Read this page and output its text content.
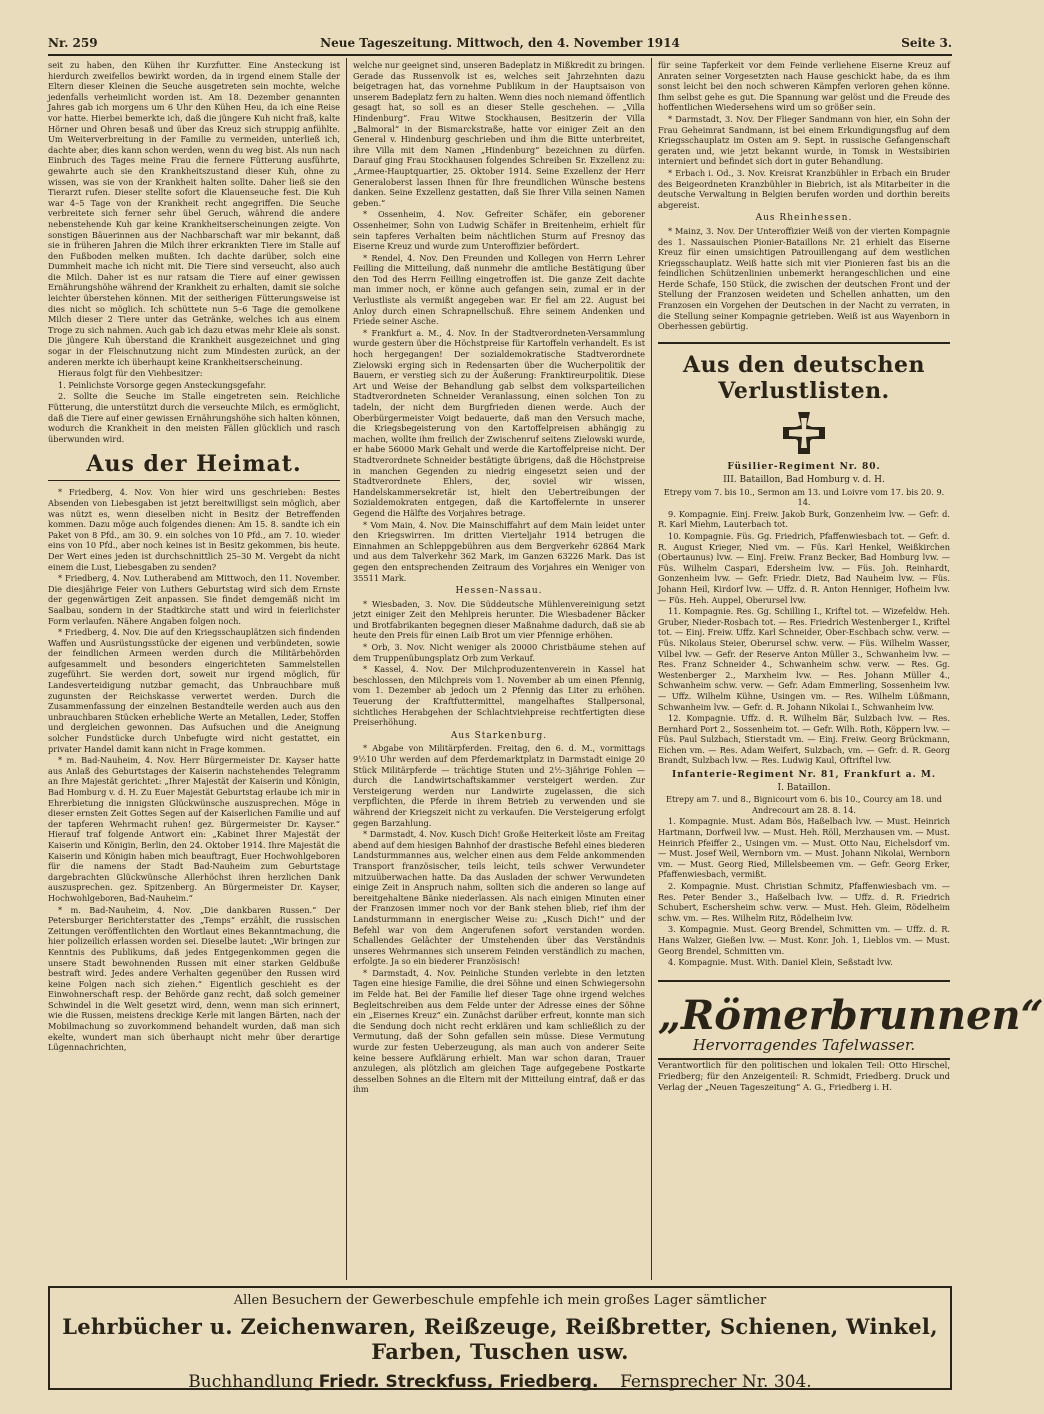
Nr. 259	Neue Tageszeitung. Mittwoch, den 4. November 1914	Seite 3.

seit zu haben, den Kühen ihr Kurzfutter. Eine Ansteckung ist hierdurch zweifellos bewirkt worden, da in irgend einem Stalle der Eltern dieser Kleinen die Seuche ausgetreten sein mochte, welche jedenfalls verheimlicht worden ist. Am 18. Dezember genannten Jahres gab ich morgens um 6 Uhr den Kühen Heu, da ich eine Reise vor hatte. Hierbei bemerkte ich, daß die jüngere Kuh nicht fraß, kalte Hörner und Ohren besaß und über das Kreuz sich struppig anfühlte. Um Weiterverbreitung in der Familie zu vermeiden, unterließ ich, dachte aber, dies kann schon werden, wenn du weg bist. Als nun nach Einbruch des Tages meine Frau die fernere Fütterung ausführte, gewahrte auch sie den Krankheitszustand dieser Kuh, ohne zu wissen, was sie von der Krankheit halten sollte. Daher ließ sie den Tierarzt rufen. Dieser stellte sofort die Klauenseuche fest. Die Kuh war 4–5 Tage von der Krankheit recht angegriffen. Die Seuche verbreitete sich ferner sehr übel Geruch, während die andere nebenstehende Kuh gar keine Krankheitserscheinungen zeigte. Von sonstigen Bäuerinnen aus der Nachbarschaft war mir bekannt, daß sie in früheren Jahren die Milch ihrer erkrankten Tiere im Stalle auf den Fußboden melken mußten. Ich dachte darüber, solch eine Dummheit mache ich nicht mit. Die Tiere sind verseucht, also auch die Milch. Daher ist es nur ratsam die Tiere auf einer gewissen Ernährungshöhe während der Krankheit zu erhalten, damit sie solche leichter überstehen können. Mit der seitherigen Fütterungsweise ist dies nicht so möglich. Ich schüttete nun 5–6 Tage die gemolkene Milch dieser 2 Tiere unter das Getränke, welches ich aus einem Troge zu sich nahmen. Auch gab ich dazu etwas mehr Kleie als sonst. Die jüngere Kuh überstand die Krankheit ausgezeichnet und ging sogar in der Fleischnutzung nicht zum Mindesten zurück, an der anderen merkte ich überhaupt keine Krankheitserscheinung.

Hieraus folgt für den Viehbesitzer:

1. Peinlichste Vorsorge gegen Ansteckungsgefahr.

2. Sollte die Seuche im Stalle eingetreten sein. Reichliche Fütterung, die unterstützt durch die verseuchte Milch, es ermöglicht, daß die Tiere auf einer gewissen Ernährungshöhe sich halten können, wodurch die Krankheit in den meisten Fällen glücklich und rasch überwunden wird.

Aus der Heimat.

* Friedberg, 4. Nov. Von hier wird uns geschrieben: Bestes Absenden von Liebesgaben ist jetzt bereitwilligst sein möglich, aber was nützt es, wenn dieselben nicht in Besitz der Betreffenden kommen. Dazu möge auch folgendes dienen: Am 15. 8. sandte ich ein Paket von 8 Pfd., am 30. 9. ein solches von 10 Pfd., am 7. 10. wieder eins von 10 Pfd., aber noch keines ist in Besitz gekommen, bis heute. Der Wert eines jeden ist durchschnittlich 25–30 M. Vergebt da nicht einem die Lust, Liebesgaben zu senden?

* Friedberg, 4. Nov. Lutherabend am Mittwoch, den 11. November. Die diesjährige Feier von Luthers Geburtstag wird sich dem Ernste der gegenwärtigen Zeit anpassen. Sie findet demgemäß nicht im Saalbau, sondern in der Stadtkirche statt und wird in feierlichster Form verlaufen. Nähere Angaben folgen noch.

* Friedberg, 4. Nov. Die auf den Kriegsschauplätzen sich findenden Waffen und Ausrüstungsstücke der eigenen und verbündeten, sowie der feindlichen Armeen werden durch die Militärbehörden aufgesammelt und besonders eingerichteten Sammelstellen zugeführt. Sie werden dort, soweit nur irgend möglich, für Landesverteidigung nutzbar gemacht, das Unbrauchbare muß zugunsten der Reichskasse verwertet werden. Durch die Zusammenfassung der einzelnen Bestandteile werden auch aus den unbrauchbaren Stücken erhebliche Werte an Metallen, Leder, Stoffen und dergleichen gewonnen. Das Aufsuchen und die Aneignung solcher Fundstücke durch Unbefugte wird nicht gestattet, ein privater Handel damit kann nicht in Frage kommen.

* m. Bad-Nauheim, 4. Nov. Herr Bürgermeister Dr. Kayser hatte aus Anlaß des Geburtstages der Kaiserin nachstehendes Telegramm an Ihre Majestät gerichtet: „Ihrer Majestät der Kaiserin und Königin, Bad Homburg v. d. H. Zu Euer Majestät Geburtstag erlaube ich mir in Ehrerbietung die innigsten Glückwünsche auszusprechen. Möge in dieser ernsten Zeit Gottes Segen auf der Kaiserlichen Familie und auf der tapferen Wehrmacht ruhen! gez. Bürgermeister Dr. Kayser.“ Hierauf traf folgende Antwort ein: „Kabinet Ihrer Majestät der Kaiserin und Königin, Berlin, den 24. Oktober 1914. Ihre Majestät die Kaiserin und Königin haben mich beauftragt, Euer Hochwohlgeboren für die namens der Stadt Bad-Nauheim zum Geburtstage dargebrachten Glückwünsche Allerhöchst ihren herzlichen Dank auszusprechen. gez. Spitzenberg. An Bürgermeister Dr. Kayser, Hochwohlgeboren, Bad-Nauheim.“

* m. Bad-Nauheim, 4. Nov. „Die dankbaren Russen.“ Der Petersburger Berichterstatter des „Temps“ erzählt, die russischen Zeitungen veröffentlichten den Wortlaut eines Bekanntmachung, die hier polizeilich erlassen worden sei. Dieselbe lautet: „Wir bringen zur Kenntnis des Publikums, daß jedes Entgegenkommen gegen die unsere Stadt bewohnenden Russen mit einer starken Geldbuße bestraft wird. Jedes andere Verhalten gegenüber den Russen wird keine Folgen nach sich ziehen.“ Eigentlich geschieht es der Einwohnerschaft resp. der Behörde ganz recht, daß solch gemeiner Schwindel in die Welt gesetzt wird, denn, wenn man sich erinnert, wie die Russen, meistens dreckige Kerle mit langen Bärten, nach der Mobilmachung so zuvorkommend behandelt wurden, daß man sich ekelte, wundert man sich überhaupt nicht mehr über derartige Lügennachrichten,

welche nur geeignet sind, unseren Badeplatz in Mißkredit zu bringen. Gerade das Russenvolk ist es, welches seit Jahrzehnten dazu beigetragen hat, das vornehme Publikum in der Hauptsaison von unserem Badeplatz fern zu halten. Wenn dies noch niemand öffentlich gesagt hat, so soll es an dieser Stelle geschehen. — „Villa Hindenburg“. Frau Witwe Stockhausen, Besitzerin der Villa „Balmoral“ in der Bismarckstraße, hatte vor einiger Zeit an den General v. Hindenburg geschrieben und ihm die Bitte unterbreitet, ihre Villa mit dem Namen „Hindenburg“ bezeichnen zu dürfen. Darauf ging Frau Stockhausen folgendes Schreiben Sr. Exzellenz zu: „Armee-Hauptquartier, 25. Oktober 1914. Seine Exzellenz der Herr Generaloberst lassen Ihnen für Ihre freundlichen Wünsche bestens danken. Seine Exzellenz gestatten, daß Sie Ihrer Villa seinen Namen geben.“

* Ossenheim, 4. Nov. Gefreiter Schäfer, ein geborener Ossenheimer, Sohn von Ludwig Schäfer in Breitenheim, erhielt für sein tapferes Verhalten beim nächtlichen Sturm auf Fresnoy das Eiserne Kreuz und wurde zum Unteroffizier befördert.

* Rendel, 4. Nov. Den Freunden und Kollegen von Herrn Lehrer Feilling die Mitteilung, daß nunmehr die amtliche Bestätigung über den Tod des Herrn Feilling eingetroffen ist. Die ganze Zeit dachte man immer noch, er könne auch gefangen sein, zumal er in der Verlustliste als vermißt angegeben war. Er fiel am 22. August bei Anloy durch einen Schrapnellschuß. Ehre seinem Andenken und Friede seiner Asche.

* Frankfurt a. M., 4. Nov. In der Stadtverordneten-Versammlung wurde gestern über die Höchstpreise für Kartoffeln verhandelt. Es ist hoch hergegangen! Der sozialdemokratische Stadtverordnete Zielowski erging sich in Redensarten über die Wucherpolitik der Bauern, er verstieg sich zu der Äußerung: Franktireurpolitik. Diese Art und Weise der Behandlung gab selbst dem volksparteilichen Stadtverordneten Schneider Veranlassung, einen solchen Ton zu tadeln, der nicht dem Burgfrieden dienen werde. Auch der Oberbürgermeister Voigt bedauerte, daß man den Versuch mache, die Kriegsbegeisterung von den Kartoffelpreisen abhängig zu machen, wollte ihm freilich der Zwischenruf seitens Zielowski wurde, er habe 56000 Mark Gehalt und werde die Kartoffelpreise nicht. Der Stadtverordnete Schneider bestätigte übrigens, daß die Höchstpreise in manchen Gegenden zu niedrig eingesetzt seien und der Stadtverordnete Ehlers, der, soviel wir wissen, Handelskammersekretär ist, hielt den Uebertreibungen der Sozialdemokraten entgegen, daß die Kartoffelernte in unserer Gegend die Hälfte des Vorjahres betrage.

* Vom Main, 4. Nov. Die Mainschiffahrt auf dem Main leidet unter den Kriegswirren. Im dritten Vierteljahr 1914 betrugen die Einnahmen an Schleppgebühren aus dem Bergverkehr 62864 Mark und aus dem Talverkehr 362 Mark, im Ganzen 63226 Mark. Das ist gegen den entsprechenden Zeitraum des Vorjahres ein Weniger von 35511 Mark.

Hessen-Nassau.

* Wiesbaden, 3. Nov. Die Süddeutsche Mühlenvereinigung setzt jetzt einiger Zeit den Mehlpreis herunter. Die Wiesbadener Bäcker und Brotfabrikanten begegnen dieser Maßnahme dadurch, daß sie ab heute den Preis für einen Laib Brot um vier Pfennige erhöhen.

* Orb, 3. Nov. Nicht weniger als 20000 Christbäume stehen auf dem Truppenübungsplatz Orb zum Verkauf.

* Kassel, 4. Nov. Der Milchproduzentenverein in Kassel hat beschlossen, den Milchpreis vom 1. November ab um einen Pfennig, vom 1. Dezember ab jedoch um 2 Pfennig das Liter zu erhöhen. Teuerung der Kraftfuttermittel, mangelhaftes Stallpersonal, sichtliches Herabgehen der Schlachtviehpreise rechtfertigten diese Preiserhöhung.

Aus Starkenburg.

* Abgabe von Militärpferden. Freitag, den 6. d. M., vormittags 9½10 Uhr werden auf dem Pferdemarktplatz in Darmstadt einige 20 Stück Militärpferde — trächtige Stuten und 2½-3jährige Fohlen — durch die Landwirtschaftskammer versteigert werden. Zur Versteigerung werden nur Landwirte zugelassen, die sich verpflichten, die Pferde in ihrem Betrieb zu verwenden und sie während der Kriegszeit nicht zu verkaufen. Die Versteigerung erfolgt gegen Barzahlung.

* Darmstadt, 4. Nov. Kusch Dich! Große Heiterkeit löste am Freitag abend auf dem hiesigen Bahnhof der drastische Befehl eines biederen Landsturmmannes aus, welcher einen aus dem Felde ankommenden Transport französischer, teils leicht, teils schwer Verwundeter mitzuüberwachen hatte. Da das Ausladen der schwer Verwundeten einige Zeit in Anspruch nahm, sollten sich die anderen so lange auf bereitgehaltene Bänke niederlassen. Als nach einigen Minuten einer der Franzosen immer noch vor der Bank stehen blieb, rief ihm der Landsturmmann in energischer Weise zu: „Kusch Dich!“ und der Befehl war von dem Angerufenen sofort verstanden worden. Schallendes Gelächter der Umstehenden über das Verständnis unseres Wehrmannes sich unserem Feinden verständlich zu machen, erfolgte. Ja so ein biederer Französisch!

* Darmstadt, 4. Nov. Peinliche Stunden verlebte in den letzten Tagen eine hiesige Familie, die drei Söhne und einen Schwiegersohn im Felde hat. Bei der Familie lief dieser Tage ohne irgend welches Begleitschreiben aus dem Felde unter der Adresse eines der Söhne ein „Eisernes Kreuz“ ein. Zunächst darüber erfreut, konnte man sich die Sendung doch nicht recht erklären und kam schließlich zu der Vermutung, daß der Sohn gefallen sein müsse. Diese Vermutung wurde zur festen Ueberzeugung, als man auch von anderer Seite keine bessere Aufklärung erhielt. Man war schon daran, Trauer anzulegen, als plötzlich am gleichen Tage aufgegebene Postkarte desselben Sohnes an die Eltern mit der Mitteilung eintraf, daß er das ihm

für seine Tapferkeit vor dem Feinde verliehene Eiserne Kreuz auf Anraten seiner Vorgesetzten nach Hause geschickt habe, da es ihm sonst leicht bei den noch schweren Kämpfen verloren gehen könne. Ihm selbst gehe es gut. Die Spannung war gelöst und die Freude des hoffentlichen Wiedersehens wird um so größer sein.

* Darmstadt, 3. Nov. Der Flieger Sandmann von hier, ein Sohn der Frau Geheimrat Sandmann, ist bei einem Erkundigungsflug auf dem Kriegsschauplatz im Osten am 9. Sept. in russische Gefangenschaft geraten und, wie jetzt bekannt wurde, in Tomsk in Westsibirien interniert und befindet sich dort in guter Behandlung.

* Erbach i. Od., 3. Nov. Kreisrat Kranzbühler in Erbach ein Bruder des Beigeordneten Kranzbühler in Biebrich, ist als Mitarbeiter in die deutsche Verwaltung in Belgien berufen worden und dorthin bereits abgereist.

Aus Rheinhessen.

* Mainz, 3. Nov. Der Unteroffizier Weiß von der vierten Kompagnie des 1. Nassauischen Pionier-Bataillons Nr. 21 erhielt das Eiserne Kreuz für einen umsichtigen Patrouillengang auf dem westlichen Kriegsschauplatz. Weiß hatte sich mit vier Pionieren fast bis an die feindlichen Schützenlinien unbemerkt herangeschlichen und eine Herde Schafe, 150 Stück, die zwischen der deutschen Front und der Stellung der Franzosen weideten und Schellen anhatten, um den Franzosen ein Vorgehen der Deutschen in der Nacht zu verraten, in die Stellung seiner Kompagnie getrieben. Weiß ist aus Wayenborn in Oberhessen gebürtig.

Aus den deutschen Verlustlisten.
Füsilier-Regiment Nr. 80.
III. Bataillon, Bad Homburg v. d. H.

Etrepy vom 7. bis 10., Sermon am 13. und Loivre vom 17. bis 20. 9. 14.

9. Kompagnie. Einj. Freiw. Jakob Burk, Gonzenheim lvw. — Gefr. d. R. Karl Miehm, Lauterbach tot.

10. Kompagnie. Füs. Gg. Friedrich, Pfaffenwiesbach tot. — Gefr. d. R. August Krieger, Nied vm. — Füs. Karl Henkel, Weißkirchen (Obertaunus) lvw. — Einj. Freiw. Franz Becker, Bad Homburg lvw. — Füs. Wilhelm Caspari, Edersheim lvw. — Füs. Joh. Reinhardt, Gonzenheim lvw. — Gefr. Friedr. Dietz, Bad Nauheim lvw. — Füs. Johann Heil, Kirdorf lvw. — Uffz. d. R. Anton Henniger, Hofheim lvw. — Füs. Heh. Auppel, Oberursel lvw.

11. Kompagnie. Res. Gg. Schilling I., Kriftel tot. — Wizefeldw. Heh. Gruber, Nieder-Rosbach tot. — Res. Friedrich Westenberger I., Kriftel tot. — Einj. Freiw. Uffz. Karl Schneider, Ober-Eschbach schw. verw. — Füs. Nikolaus Steier, Oberursel schw. verw. — Füs. Wilhelm Wasser, Vilbel lvw. — Gefr. der Reserve Anton Müller 3., Schwanheim lvw. — Res. Franz Schneider 4., Schwanheim schw. verw. — Res. Gg. Westenberger 2., Marxheim lvw. — Res. Johann Müller 4., Schwanheim schw. verw. — Gefr. Adam Emmerling, Sossenheim lvw. — Uffz. Wilhelm Kühne, Usingen vm. — Res. Wilhelm Lüßmann, Schwanheim lvw. — Gefr. d. R. Johann Nikolai I., Schwanheim lvw.

12. Kompagnie. Uffz. d. R. Wilhelm Bär, Sulzbach lvw. — Res. Bernhard Port 2., Sossenheim tot. — Gefr. Wilh. Roth, Köppern lvw. — Füs. Paul Sulzbach, Stierstadt vm. — Einj. Freiw. Georg Brückmann, Eichen vm. — Res. Adam Weifert, Sulzbach, vm. — Gefr. d. R. Georg Brandt, Sulzbach lvw. — Res. Ludwig Kaul, Oftriftel lvw.

Infanterie-Regiment Nr. 81, Frankfurt a. M.
I. Bataillon.

Etrepy am 7. und 8., Bignicourt vom 6. bis 10., Courcy am 18. und Andrecourt am 28. 8. 14.

1. Kompagnie. Must. Adam Bös, Haßelbach lvw. — Must. Heinrich Hartmann, Dorfweil lvw. — Must. Heh. Röll, Merzhausen vm. — Must. Heinrich Pfeiffer 2., Usingen vm. — Must. Otto Nau, Eichelsdorf vm. — Must. Josef Weil, Wernborn vm. — Must. Johann Nikolai, Wernborn vm. — Must. Georg Ried, Millelsbeemen vm. — Gefr. Georg Erker, Pfaffenwiesbach, vermißt.

2. Kompagnie. Must. Christian Schmitz, Pfaffenwiesbach vm. — Res. Peter Bender 3., Haßelbach lvw. — Uffz. d. R. Friedrich Schubert, Eschersheim schw. verw. — Must. Heh. Gleim, Rödelheim schw. vm. — Res. Wilhelm Ritz, Rödelheim lvw.

3. Kompagnie. Must. Georg Brendel, Schmitten vm. — Uffz. d. R. Hans Walzer, Gießen lvw. — Must. Konr. Joh. 1, Lieblos vm. — Must. Georg Brendel, Schmitten vm.

4. Kompagnie. Must. With. Daniel Klein, Seßstadt lvw.

„Römerbrunnen“
Hervorragendes Tafelwasser.

Verantwortlich für den politischen und lokalen Teil: Otto Hirschel, Friedberg; für den Anzeigenteil: R. Schmidt, Friedberg. Druck und Verlag der „Neuen Tageszeitung“ A. G., Friedberg i. H.

Allen Besuchern der Gewerbeschule empfehle ich mein großes Lager sämtlicher
Lehrbücher u. Zeichenwaren, Reißzeuge, Reißbretter, Schienen, Winkel, Farben, Tuschen usw.
Buchhandlung Friedr. Streckfuss, Friedberg. Fernsprecher Nr. 304.
